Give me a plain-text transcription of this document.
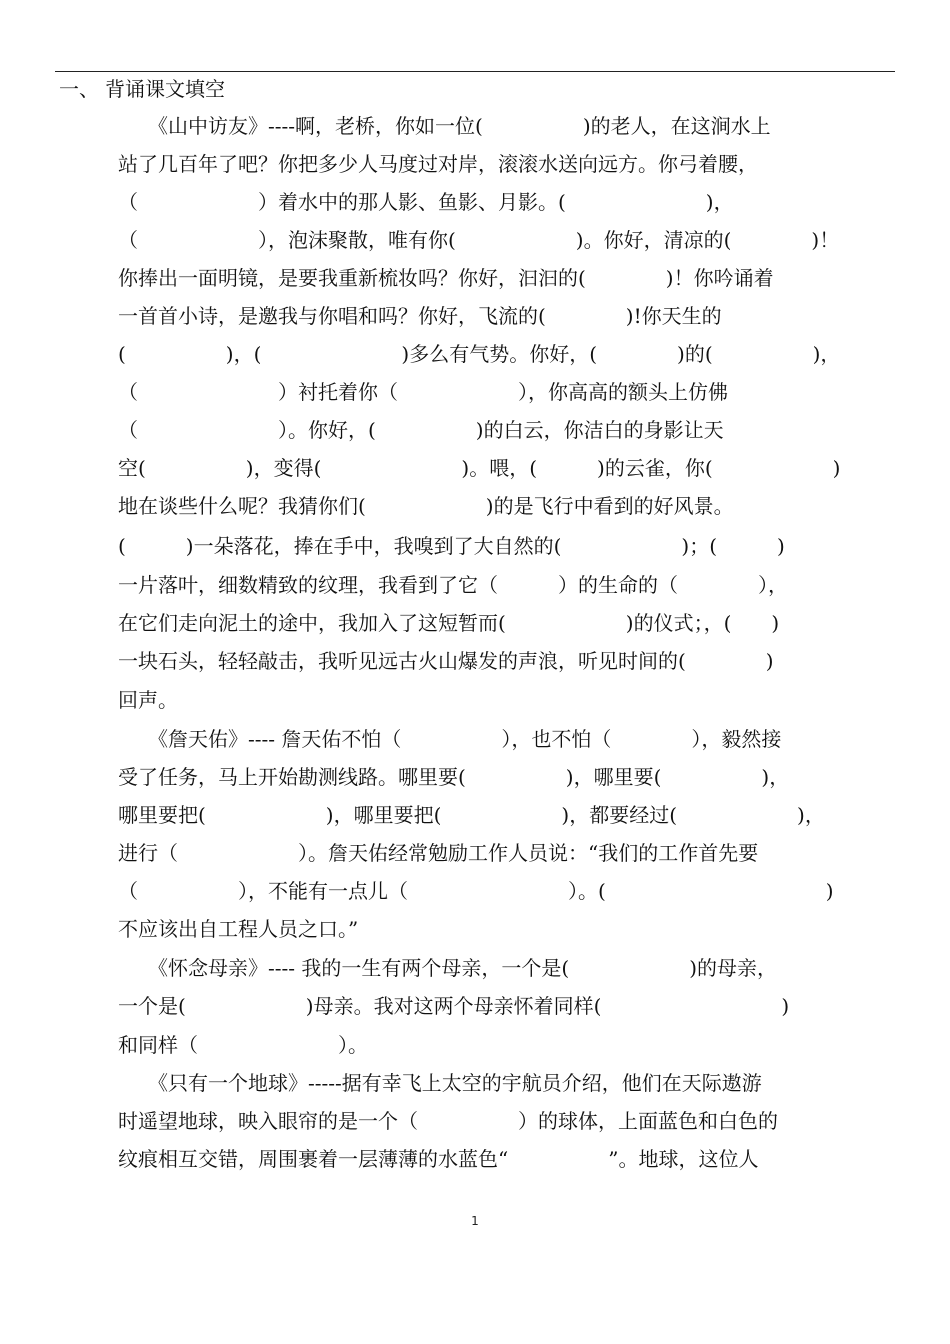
一、 背诵课文填空
　　《山中访友》----啊，老桥，你如一位(　　　　　)的老人，在这涧水上
站了几百年了吧？你把多少人马度过对岸，滚滚水送向远方。你弓着腰，
（　　　　　　）着水中的那人影、鱼影、月影。(　　　　　　　)，
（　　　　　　），泡沫聚散，唯有你(　　　　　　)。你好，清凉的(　　　　)！
你捧出一面明镜，是要我重新梳妆吗？你好，汩汩的(　　　　)！你吟诵着
一首首小诗，是邀我与你唱和吗？你好，飞流的(　　　　)!你天生的
(　　　　　)，(　　　　　　　)多么有气势。你好，(　　　　)的(　　　　　)，
（　　　　　　　）衬托着你（　　　　　　），你高高的额头上仿佛
（　　　　　　　）。你好，(　　　　　)的白云，你洁白的身影让天
空(　　　　　)，变得(　　　　　　　)。喂，(　　　)的云雀，你(　　　　　　)
地在谈些什么呢？我猜你们(　　　　　　)的是飞行中看到的好风景。
(　　　)一朵落花，捧在手中，我嗅到了大自然的(　　　　　　)；(　　　)
一片落叶，细数精致的纹理，我看到了它（　　　）的生命的（　　　　），
在它们走向泥土的途中，我加入了这短暂而(　　　　　　)的仪式；，(　　)
一块石头，轻轻敲击，我听见远古火山爆发的声浪，听见时间的(　　　　)
回声。
　　《詹天佑》---- 詹天佑不怕（　　　　　），也不怕（　　　　），毅然接
受了任务，马上开始勘测线路。哪里要(　　　　　)，哪里要(　　　　　)，
哪里要把(　　　　　　)，哪里要把(　　　　　　)，都要经过(　　　　　　)，
进行（　　　　　　）。詹天佑经常勉励工作人员说：“我们的工作首先要
（　　　　　），不能有一点儿（　　　　　　　　）。(　　　　　　　　　　　)
不应该出自工程人员之口。”
　　《怀念母亲》---- 我的一生有两个母亲，一个是(　　　　　　)的母亲，
一个是(　　　　　　)母亲。我对这两个母亲怀着同样(　　　　　　　　　)
和同样（　　　　　　　）。
　　《只有一个地球》-----据有幸飞上太空的宇航员介绍，他们在天际遨游
时遥望地球，映入眼帘的是一个（　　　　　）的球体，上面蓝色和白色的
纹痕相互交错，周围裹着一层薄薄的水蓝色“　　　　　”。地球，这位人
1
